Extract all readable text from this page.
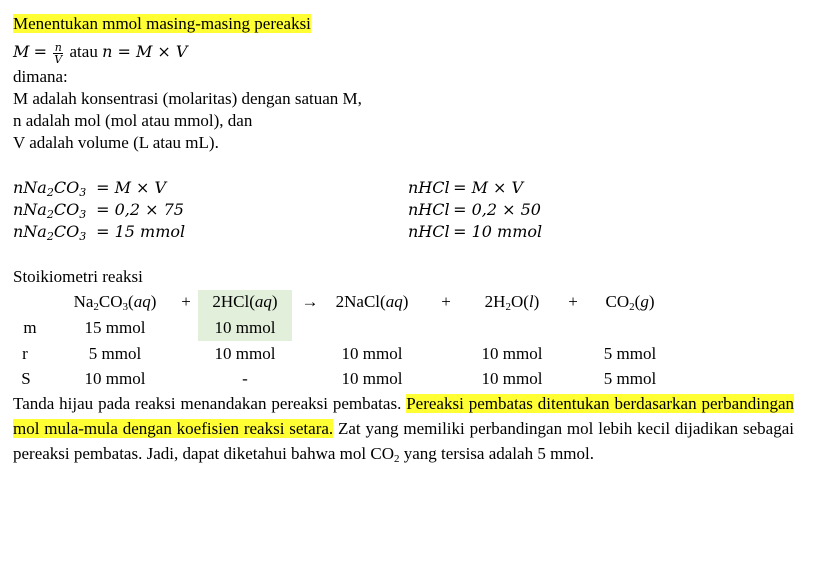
Menentukan mmol masing-masing pereaksi
$M = \frac{n}{V}$ atau n = M × V
dimana:
M adalah konsentrasi (molaritas) dengan satuan M,
n adalah mol (mol atau mmol), dan
V adalah volume (L atau mL).
$nNa_2CO_3 = M \times V$
$nNa_2CO_3 = 0,2 \times 75$
$nNa_2CO_3 = 15$ mmol
nHCl = M × V
nHCl = 0,2 × 50
nHCl = 10 mmol
Stoikiometri reaksi
$Na_2CO_3(aq)$	+	2HCl(aq)	→	2NaCl(aq)	+	$2H_2O(l)$	+	$CO_2(g)$
m	15 mmol	10 mmol
r	5 mmol	10 mmol	10 mmol	10 mmol	5 mmol
S	10 mmol	-	10 mmol	10 mmol	5 mmol
Tanda hijau pada reaksi menandakan pereaksi pembatas. Pereaksi pembatas ditentukan berdasarkan perbandingan mol mula-mula dengan koefisien reaksi setara. Zat yang memiliki perbandingan mol lebih kecil dijadikan sebagai pereaksi pembatas. Jadi, dapat diketahui bahwa mol $CO_2$ yang tersisa adalah 5 mmol.
